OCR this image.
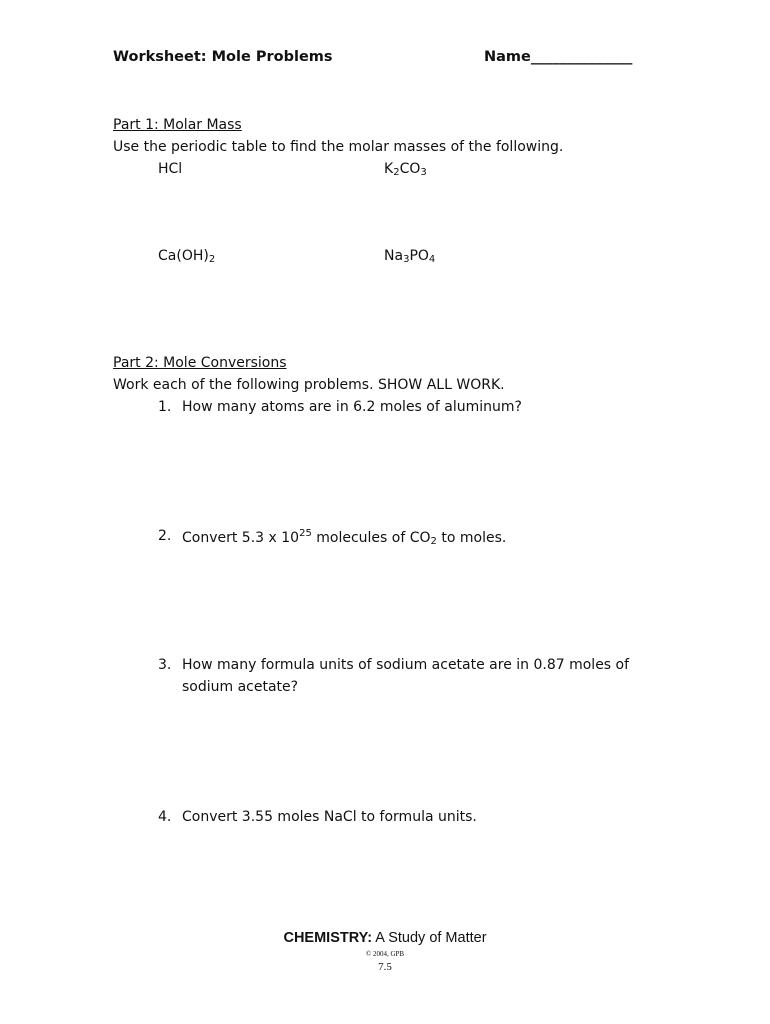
Worksheet: Mole Problems	Name______________
Part 1: Molar Mass
Use the periodic table to find the molar masses of the following.
HCl	$K_2CO_3$
$Ca(OH)_2$	$Na_3PO_4$
Part 2: Mole Conversions
Work each of the following problems. SHOW ALL WORK.
1. How many atoms are in 6.2 moles of aluminum?
2. Convert 5.3 x $10^{25}$ molecules of $CO_2$ to moles.
3. How many formula units of sodium acetate are in 0.87 moles of
sodium acetate?
4. Convert 3.55 moles NaCl to formula units.
CHEMISTRY: A Study of Matter
© 2004, GPB
7.5
